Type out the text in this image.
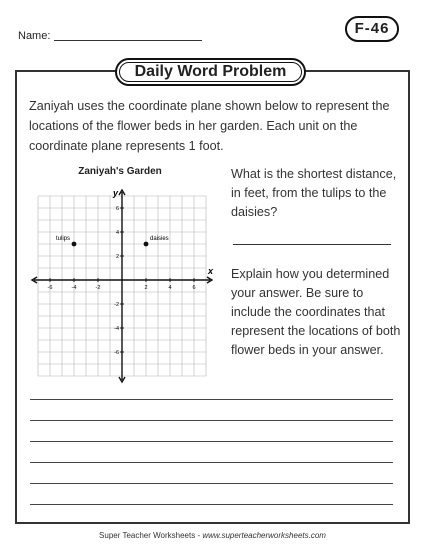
Name:	F-46
Daily Word Problem
Zaniyah uses the coordinate plane shown below to represent the locations of the flower beds in her garden. Each unit on the coordinate plane represents 1 foot.
Zaniyah's Garden
x
y
-6	-4	-2	2	4	6
6
4
2
-2
-4
-6
tulips	daisies
What is the shortest distance, in feet, from the tulips to the daisies?
Explain how you determined your answer. Be sure to include the coordinates that represent the locations of both flower beds in your answer.
Super Teacher Worksheets - www.superteacherworksheets.com
